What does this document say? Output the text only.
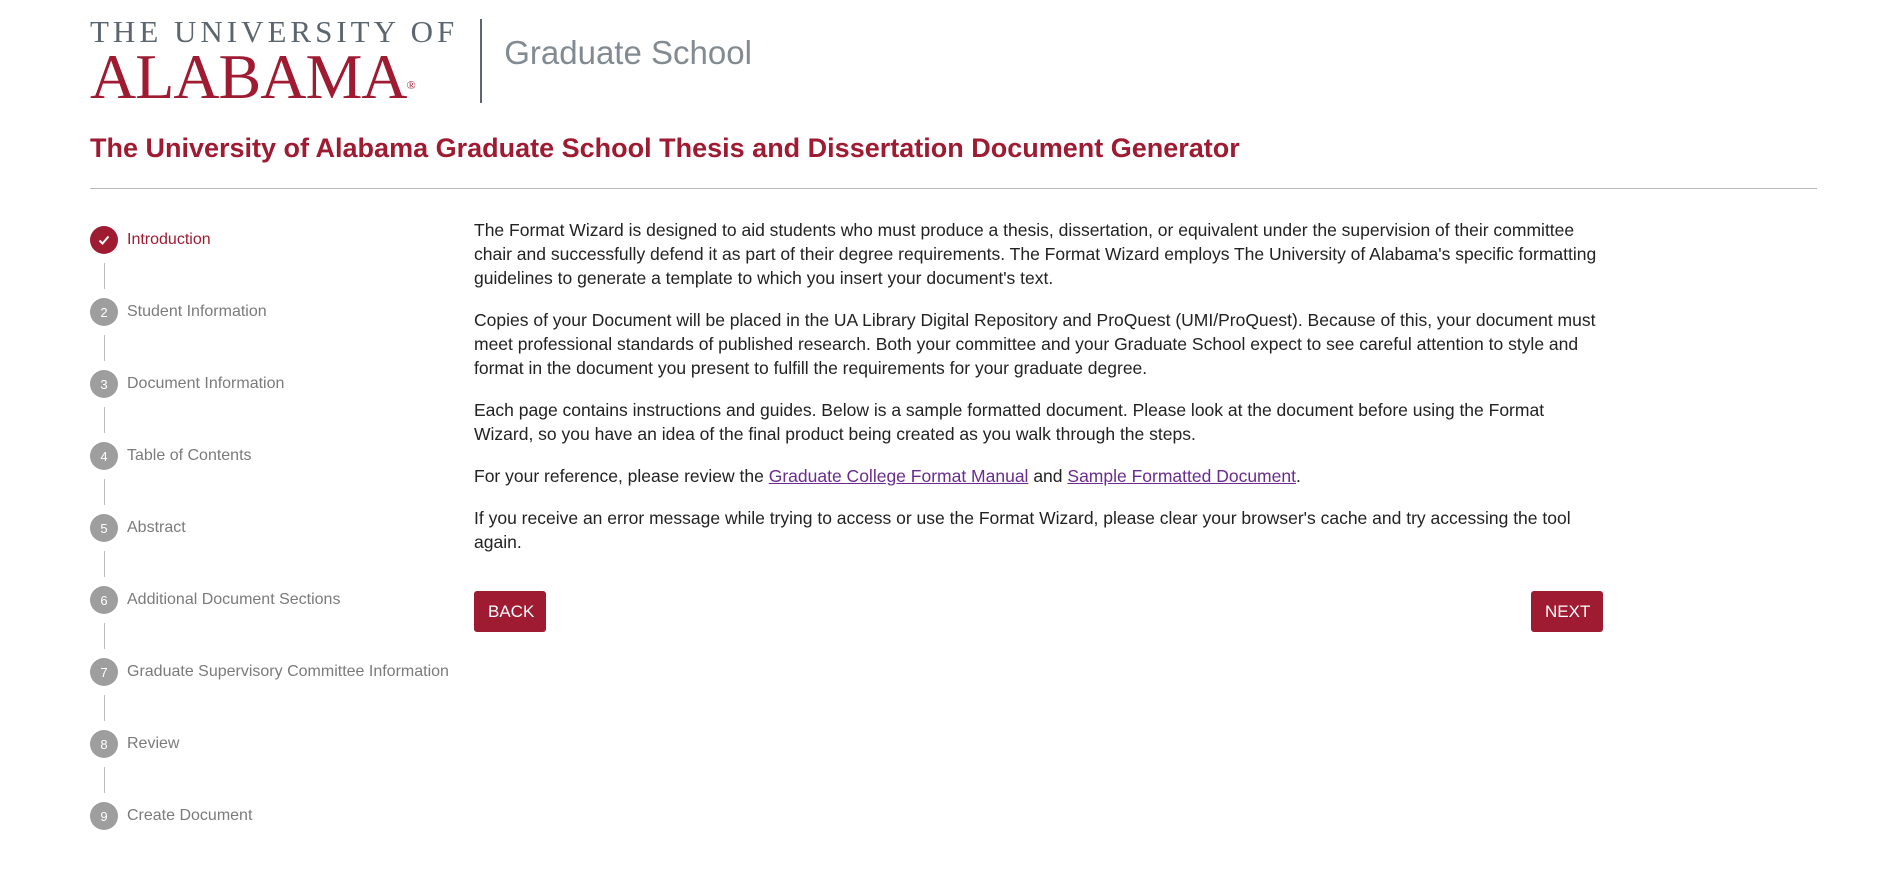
THE UNIVERSITY OF
ALABAMA®
Graduate School
The University of Alabama Graduate School Thesis and Dissertation Document Generator
Introduction
2	Student Information
3	Document Information
4	Table of Contents
5	Abstract
6	Additional Document Sections
7	Graduate Supervisory Committee Information
8	Review
9	Create Document

The Format Wizard is designed to aid students who must produce a thesis, dissertation, or equivalent under the supervision of their committee chair and successfully defend it as part of their degree requirements. The Format Wizard employs The University of Alabama's specific formatting guidelines to generate a template to which you insert your document's text.

Copies of your Document will be placed in the UA Library Digital Repository and ProQuest (UMI/ProQuest). Because of this, your document must meet professional standards of published research. Both your committee and your Graduate School expect to see careful attention to style and format in the document you present to fulfill the requirements for your graduate degree.

Each page contains instructions and guides. Below is a sample formatted document. Please look at the document before using the Format Wizard, so you have an idea of the final product being created as you walk through the steps.

For your reference, please review the Graduate College Format Manual and Sample Formatted Document.

If you receive an error message while trying to access or use the Format Wizard, please clear your browser's cache and try accessing the tool again.

BACK	NEXT
